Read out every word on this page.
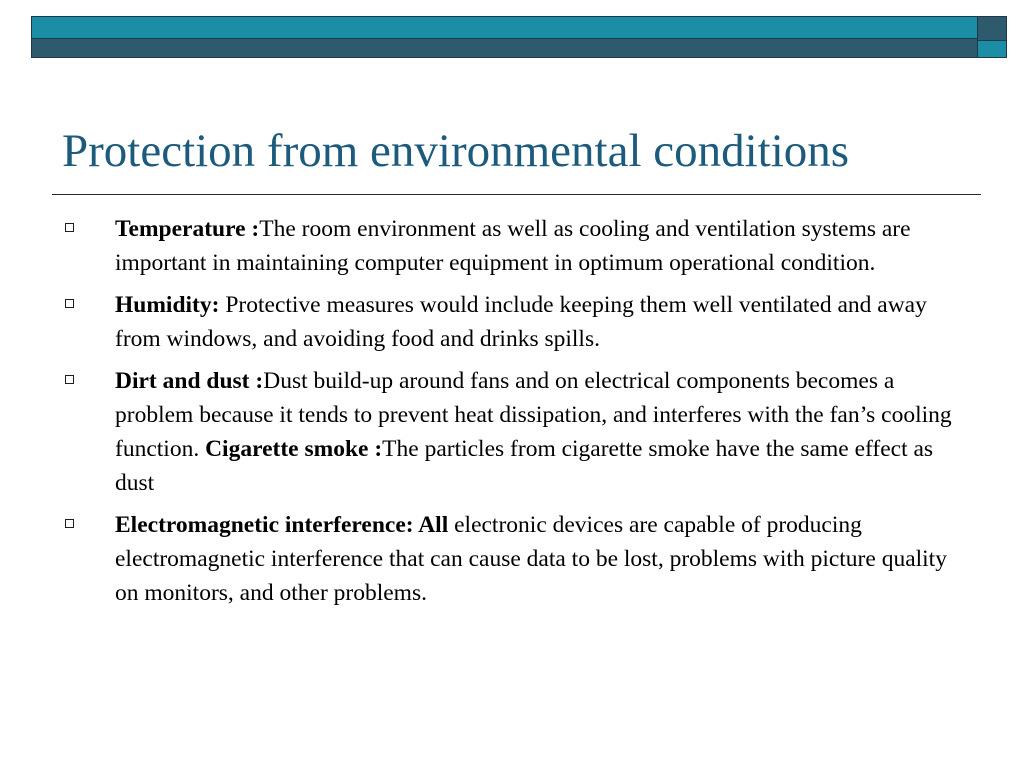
Protection from environmental conditions
Temperature :The room environment as well as cooling and ventilation systems are important in maintaining computer equipment in optimum operational condition.
Humidity: Protective measures would include keeping them well ventilated and away from windows, and avoiding food and drinks spills.
Dirt and dust :Dust build-up around fans and on electrical components becomes a problem because it tends to prevent heat dissipation, and interferes with the fan’s cooling function. Cigarette smoke :The particles from cigarette smoke have the same effect as dust
Electromagnetic interference: All electronic devices are capable of producing electromagnetic interference that can cause data to be lost, problems with picture quality on monitors, and other problems.
